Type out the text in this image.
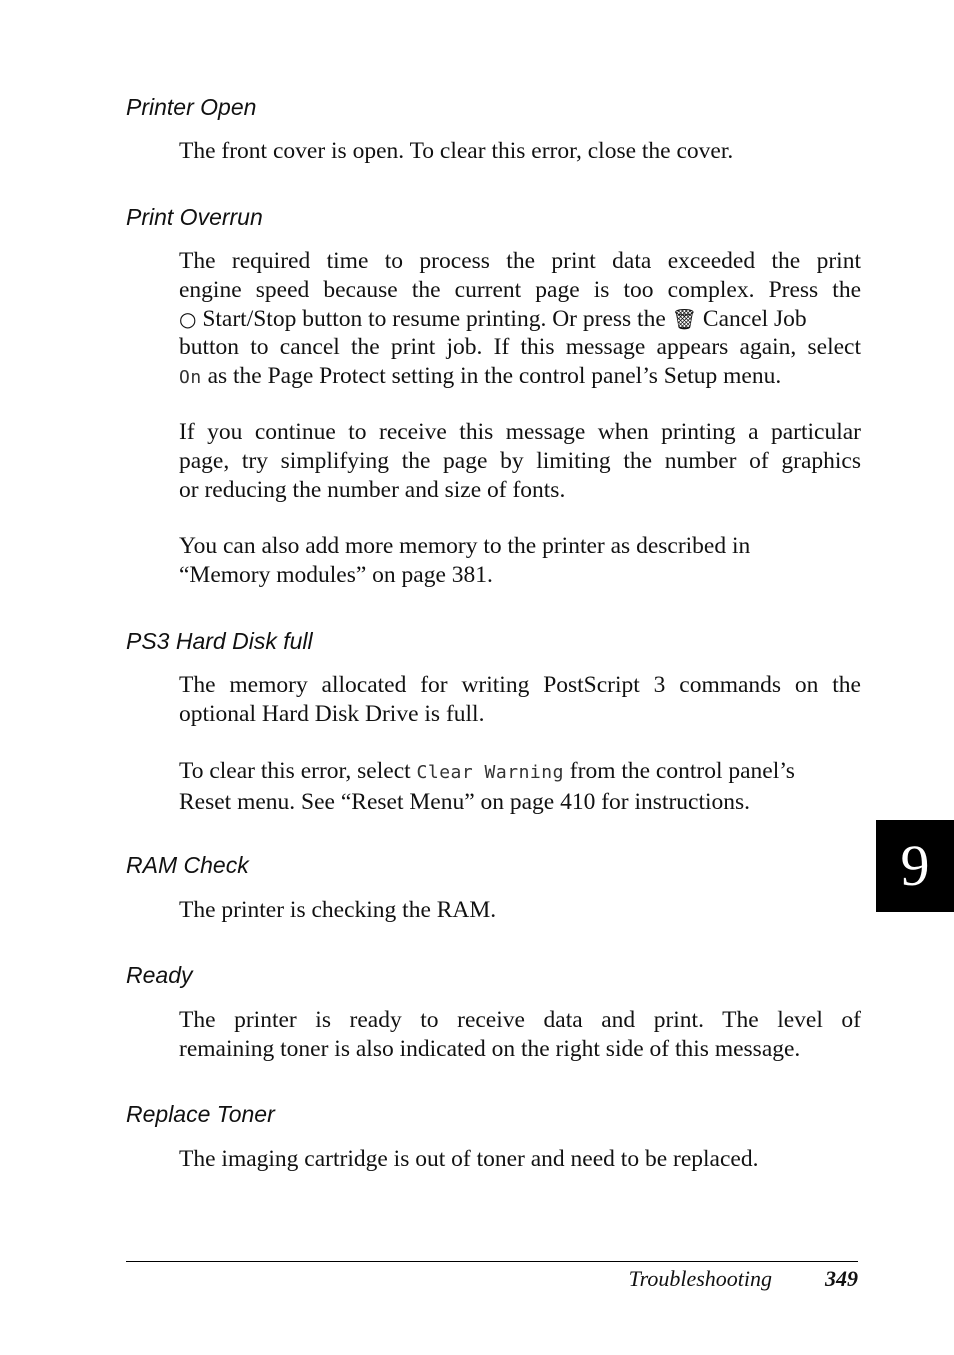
Printer Open
The front cover is open. To clear this error, close the cover.
Print Overrun
The required time to process the print data exceeded the print
engine speed because the current page is too complex. Press the
○ Start/Stop button to resume printing. Or press the 🗑 Cancel Job
button to cancel the print job. If this message appears again, select
On as the Page Protect setting in the control panel’s Setup menu.
If you continue to receive this message when printing a particular
page, try simplifying the page by limiting the number of graphics
or reducing the number and size of fonts.
You can also add more memory to the printer as described in
“Memory modules” on page 381.
PS3 Hard Disk full
The memory allocated for writing PostScript 3 commands on the
optional Hard Disk Drive is full.
To clear this error, select Clear Warning from the control panel’s
Reset menu. See “Reset Menu” on page 410 for instructions.
RAM Check
The printer is checking the RAM.
Ready
The printer is ready to receive data and print. The level of
remaining toner is also indicated on the right side of this message.
Replace Toner
The imaging cartridge is out of toner and need to be replaced.
9
Troubleshooting 349
